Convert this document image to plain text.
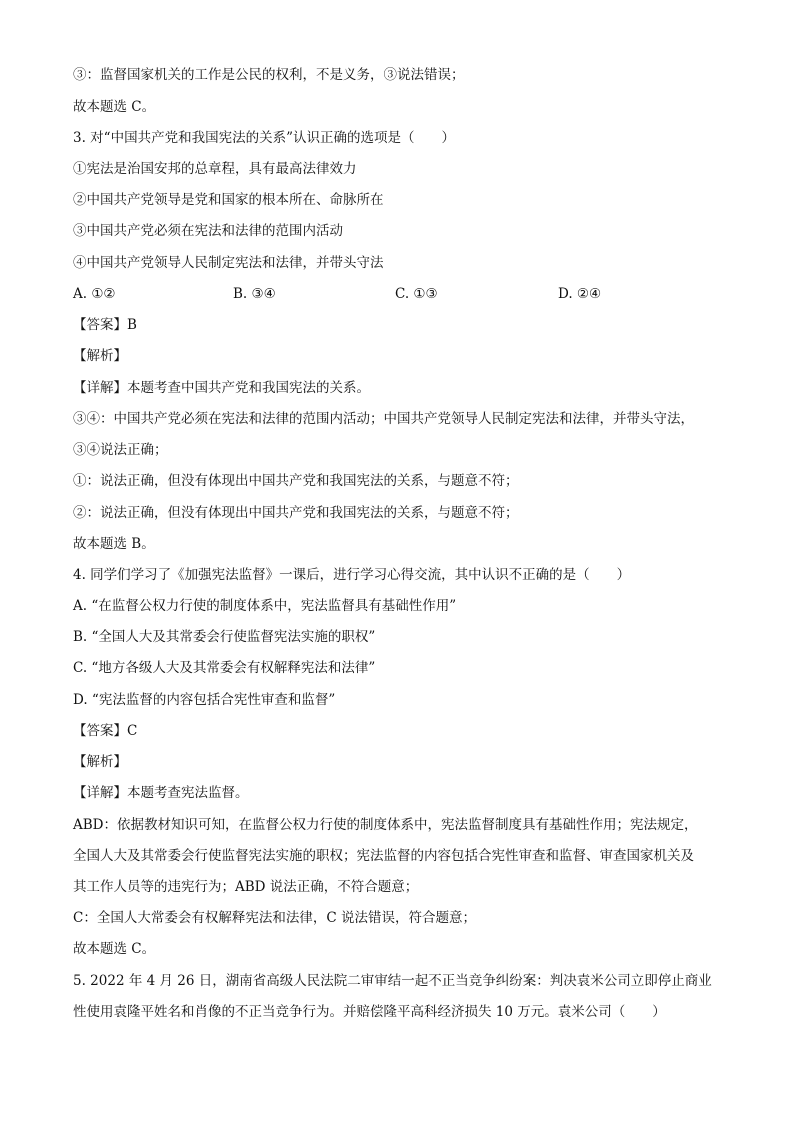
③：监督国家机关的工作是公民的权利，不是义务，③说法错误；
故本题选 C。
3. 对“中国共产党和我国宪法的关系”认识正确的选项是（　　）
①宪法是治国安邦的总章程，具有最高法律效力
②中国共产党领导是党和国家的根本所在、命脉所在
③中国共产党必须在宪法和法律的范围内活动
④中国共产党领导人民制定宪法和法律，并带头守法
A. ①②	B. ③④	C. ①③	D. ②④
【答案】B
【解析】
【详解】本题考查中国共产党和我国宪法的关系。
③④：中国共产党必须在宪法和法律的范围内活动；中国共产党领导人民制定宪法和法律，并带头守法，
③④说法正确；
①：说法正确，但没有体现出中国共产党和我国宪法的关系，与题意不符；
②：说法正确，但没有体现出中国共产党和我国宪法的关系，与题意不符；
故本题选 B。
4. 同学们学习了《加强宪法监督》一课后，进行学习心得交流，其中认识不正确的是（　　）
A. “在监督公权力行使的制度体系中，宪法监督具有基础性作用”
B. “全国人大及其常委会行使监督宪法实施的职权”
C. “地方各级人大及其常委会有权解释宪法和法律”
D. “宪法监督的内容包括合宪性审查和监督”
【答案】C
【解析】
【详解】本题考查宪法监督。
ABD：依据教材知识可知，在监督公权力行使的制度体系中，宪法监督制度具有基础性作用；宪法规定，
全国人大及其常委会行使监督宪法实施的职权；宪法监督的内容包括合宪性审查和监督、审查国家机关及
其工作人员等的违宪行为；ABD 说法正确，不符合题意；
C：全国人大常委会有权解释宪法和法律，C 说法错误，符合题意；
故本题选 C。
5. 2022 年 4 月 26 日，湖南省高级人民法院二审审结一起不正当竞争纠纷案：判决袁米公司立即停止商业
性使用袁隆平姓名和肖像的不正当竞争行为。并赔偿隆平高科经济损失 10 万元。袁米公司（　　）
